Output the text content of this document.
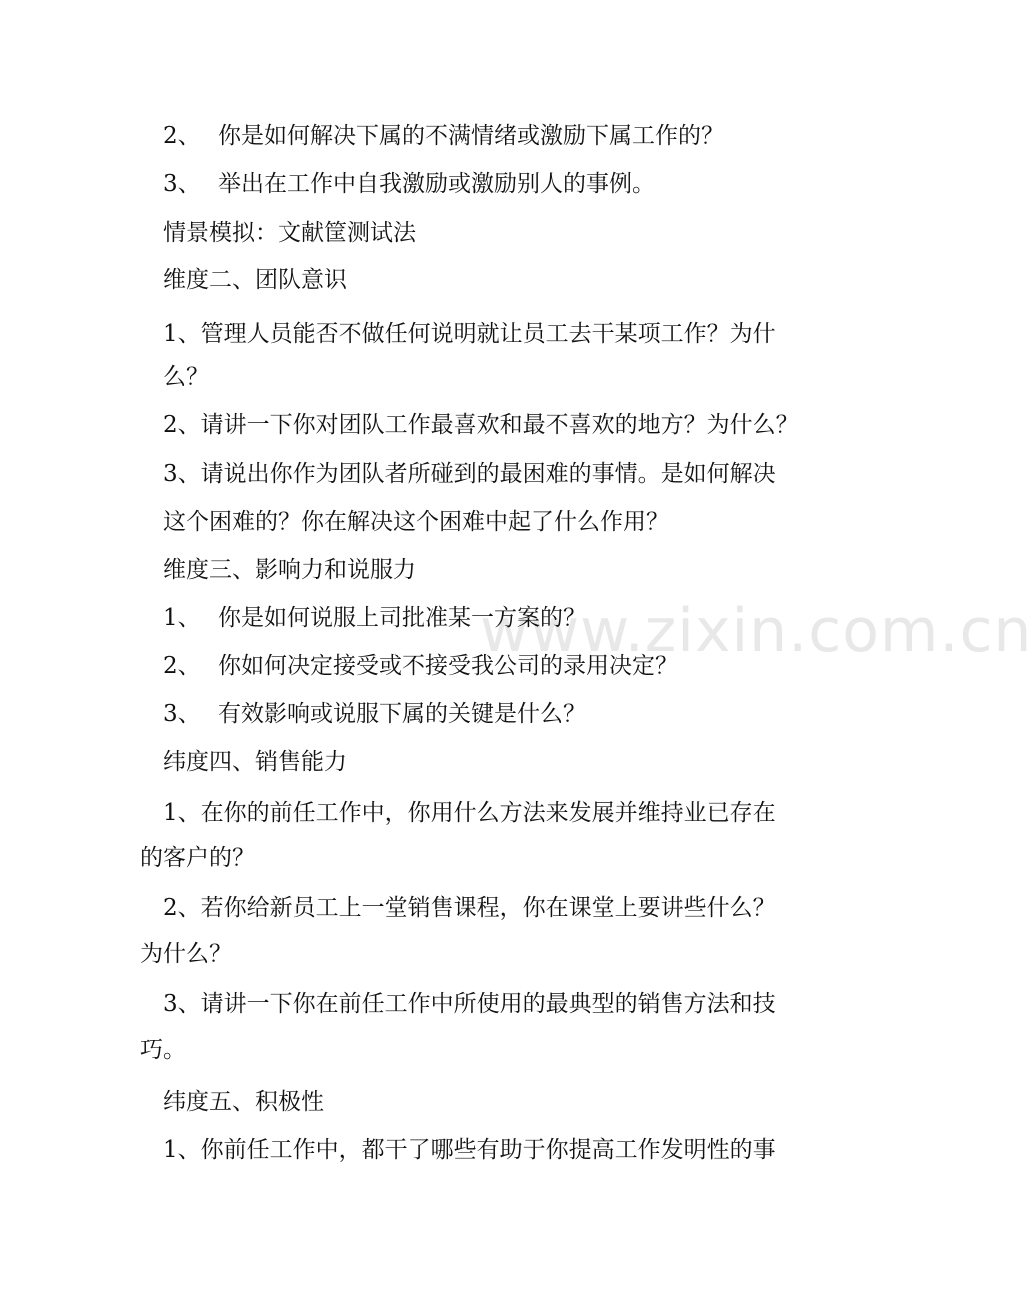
www.zixin.com.cn
2、 你是如何解决下属的不满情绪或激励下属工作的？
3、 举出在工作中自我激励或激励别人的事例。
情景模拟：文献筐测试法
维度二、团队意识
1、管理人员能否不做任何说明就让员工去干某项工作？为什
么？
2、请讲一下你对团队工作最喜欢和最不喜欢的地方？为什么？
3、请说出你作为团队者所碰到的最困难的事情。是如何解决
这个困难的？你在解决这个困难中起了什么作用？
维度三、影响力和说服力
1、 你是如何说服上司批准某一方案的？
2、 你如何决定接受或不接受我公司的录用决定？
3、 有效影响或说服下属的关键是什么？
纬度四、销售能力
1、在你的前任工作中，你用什么方法来发展并维持业已存在
的客户的？
2、若你给新员工上一堂销售课程，你在课堂上要讲些什么？
为什么？
3、请讲一下你在前任工作中所使用的最典型的销售方法和技
巧。
纬度五、积极性
1、你前任工作中，都干了哪些有助于你提高工作发明性的事
